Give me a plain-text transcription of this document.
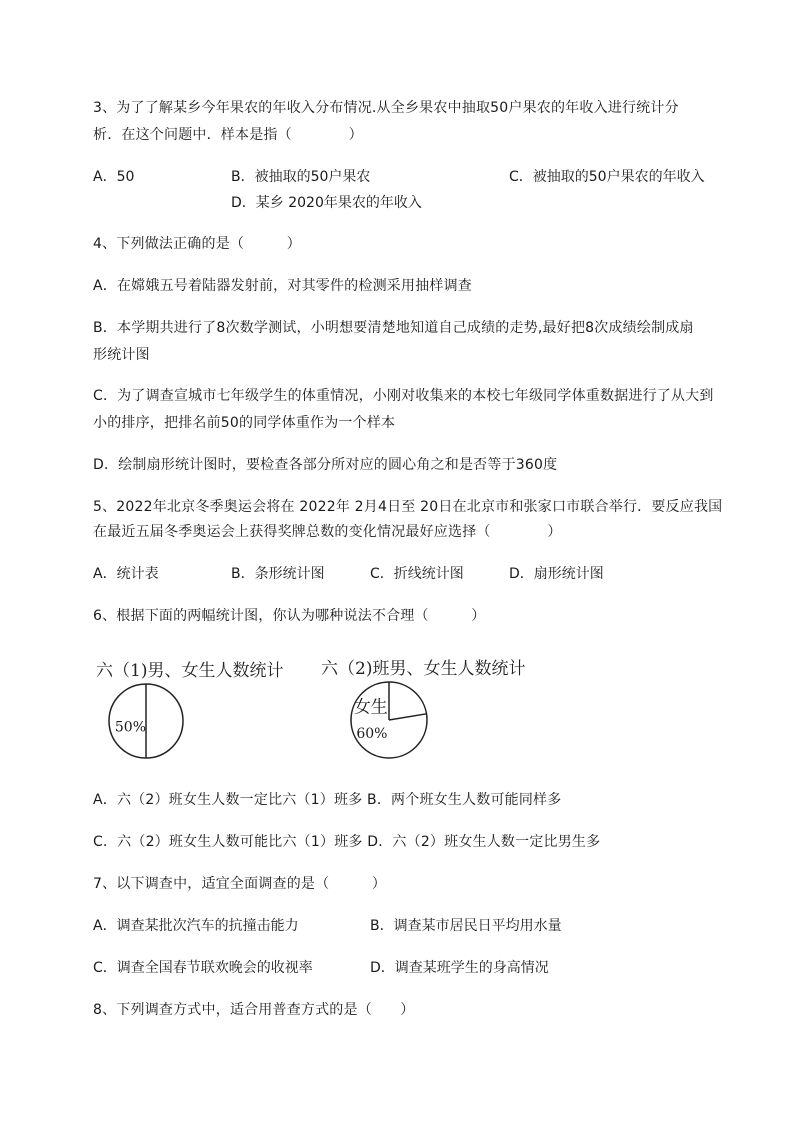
3、为了了解某乡今年果农的年收入分布情况.从全乡果农中抽取50户果农的年收入进行统计分
析．在这个问题中．样本是指（　　　　）
A．50	B．被抽取的50户果农	C．被抽取的50户果农的年收入
D．某乡 2020年果农的年收入
4、下列做法正确的是（　　　）
A．在嫦娥五号着陆器发射前，对其零件的检测采用抽样调查
B．本学期共进行了8次数学测试，小明想要清楚地知道自己成绩的走势,最好把8次成绩绘制成扇
形统计图
C．为了调查宣城市七年级学生的体重情况，小刚对收集来的本校七年级同学体重数据进行了从大到
小的排序，把排名前50的同学体重作为一个样本
D．绘制扇形统计图时，要检查各部分所对应的圆心角之和是否等于360度
5、2022年北京冬季奥运会将在 2022年 2月4日至 20日在北京市和张家口市联合举行．要反应我国
在最近五届冬季奥运会上获得奖牌总数的变化情况最好应选择（　　　　）
A．统计表	B．条形统计图	C．折线统计图	D．扇形统计图
6、根据下面的两幅统计图，你认为哪种说法不合理（　　　）
六（1)男、女生人数统计
50%
六（2)班男、女生人数统计
女生
60%
A．六（2）班女生人数一定比六（1）班多 B．两个班女生人数可能同样多
C．六（2）班女生人数可能比六（1）班多 D．六（2）班女生人数一定比男生多
7、以下调查中，适宜全面调查的是（　　　）
A．调查某批次汽车的抗撞击能力	B．调查某市居民日平均用水量
C．调查全国春节联欢晚会的收视率	D．调查某班学生的身高情况
8、下列调查方式中，适合用普查方式的是（　　）
